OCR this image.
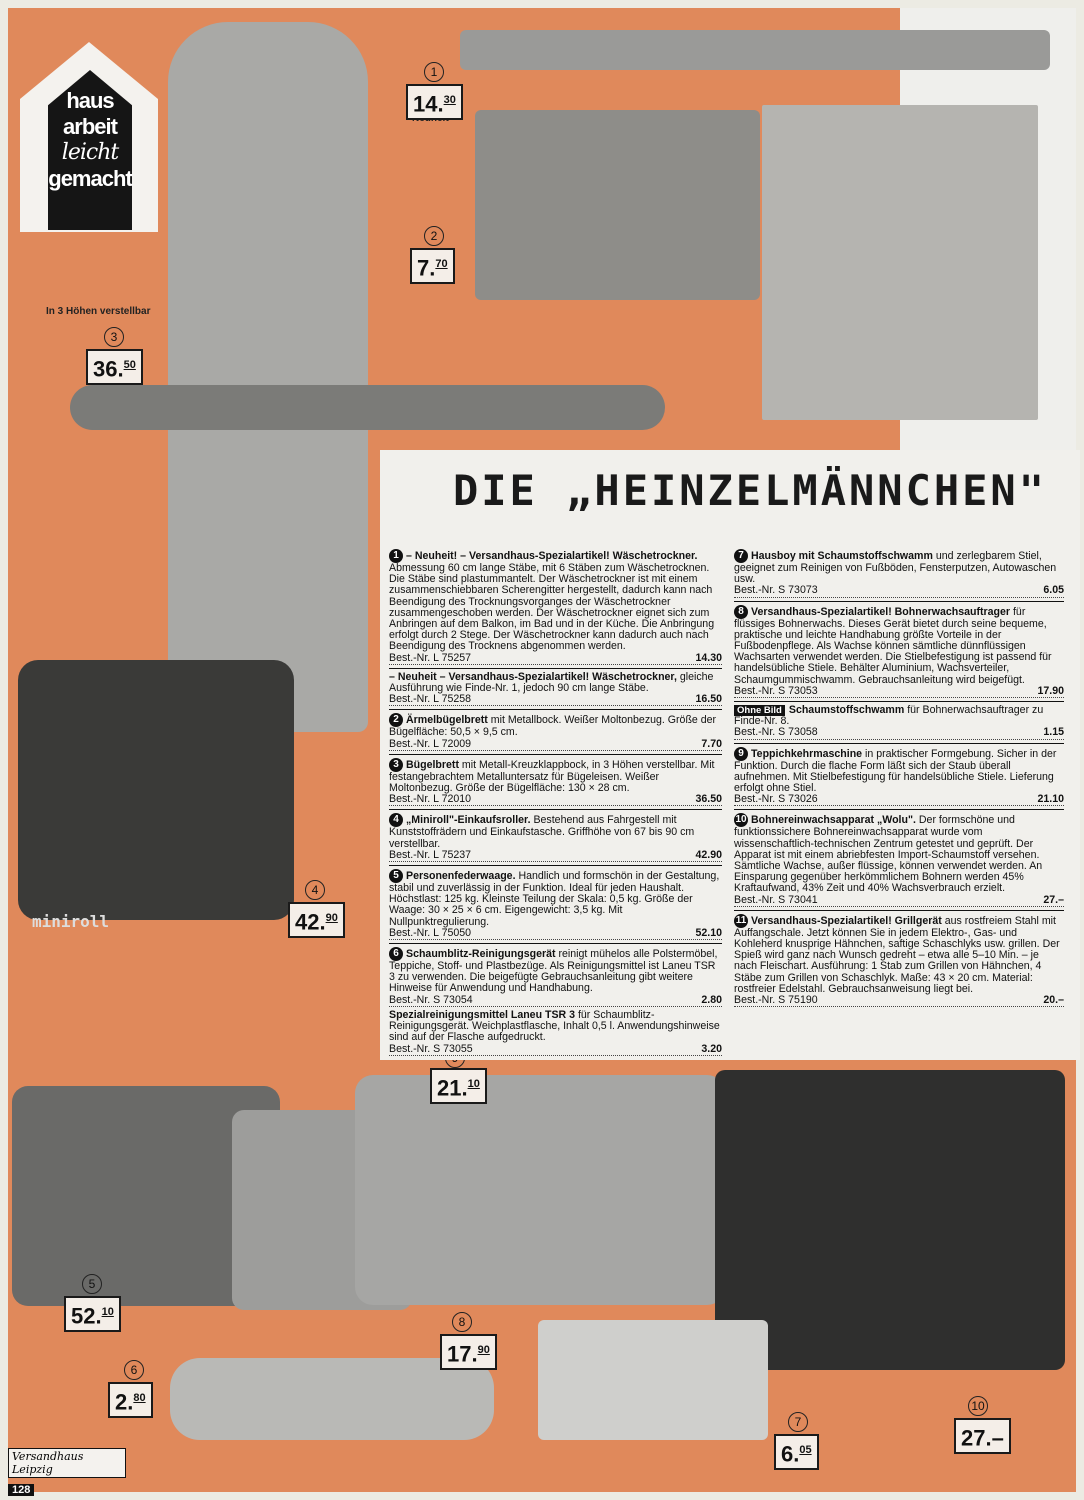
haus
arbeit
leicht
gemacht
In 3 Höhen verstellbar
miniroll
1
14.30
2
7.70
3
36.50
4
42.90
5
52.10
6
2.80
7
6.05
8
17.90
21.10
10
27.–
DIE „HEINZELMÄNNCHEN"
1 – Neuheit! – Versandhaus-Spezialartikel! Wäschetrockner. Abmessung 60 cm lange Stäbe, mit 6 Stäben zum Wäschetrocknen. Die Stäbe sind plastummantelt. Der Wäschetrockner ist mit einem zusammenschiebbaren Scherengitter hergestellt, dadurch kann nach Beendigung des Trocknungsvorganges der Wäschetrockner zusammengeschoben werden. Der Wäschetrockner eignet sich zum Anbringen auf dem Balkon, im Bad und in der Küche. Die Anbringung erfolgt durch 2 Stege. Der Wäschetrockner kann dadurch auch nach Beendigung des Trocknens abgenommen werden.
Best.-Nr. L 75257	14.30
– Neuheit – Versandhaus-Spezialartikel! Wäschetrockner, gleiche Ausführung wie Finde-Nr. 1, jedoch 90 cm lange Stäbe.
Best.-Nr. L 75258	16.50
2 Ärmelbügelbrett mit Metallbock. Weißer Moltonbezug. Größe der Bügelfläche: 50,5 × 9,5 cm.
Best.-Nr. L 72009	7.70
3 Bügelbrett mit Metall-Kreuzklappbock, in 3 Höhen verstellbar. Mit festangebrachtem Metalluntersatz für Bügeleisen. Weißer Moltonbezug. Größe der Bügelfläche: 130 × 28 cm.
Best.-Nr. L 72010	36.50
4 „Miniroll"-Einkaufsroller. Bestehend aus Fahrgestell mit Kunststoffrädern und Einkaufstasche. Griffhöhe von 67 bis 90 cm verstellbar.
Best.-Nr. L 75237	42.90
5 Personenfederwaage. Handlich und formschön in der Gestaltung, stabil und zuverlässig in der Funktion. Ideal für jeden Haushalt. Höchstlast: 125 kg. Kleinste Teilung der Skala: 0,5 kg. Größe der Waage: 30 × 25 × 6 cm. Eigengewicht: 3,5 kg. Mit Nullpunktregulierung.
Best.-Nr. L 75050	52.10
6 Schaumblitz-Reinigungsgerät reinigt mühelos alle Polstermöbel, Teppiche, Stoff- und Plastbezüge. Als Reinigungsmittel ist Laneu TSR 3 zu verwenden. Die beigefügte Gebrauchsanleitung gibt weitere Hinweise für Anwendung und Handhabung.
Best.-Nr. S 73054	2.80
Spezialreinigungsmittel Laneu TSR 3 für Schaumblitz-Reinigungsgerät. Weichplastflasche, Inhalt 0,5 l. Anwendungshinweise sind auf der Flasche aufgedruckt.
Best.-Nr. S 73055	3.20
7 Hausboy mit Schaumstoffschwamm und zerlegbarem Stiel, geeignet zum Reinigen von Fußböden, Fensterputzen, Autowaschen usw.
Best.-Nr. S 73073	6.05
8 Versandhaus-Spezialartikel! Bohnerwachsauftrager für flüssiges Bohnerwachs. Dieses Gerät bietet durch seine bequeme, praktische und leichte Handhabung größte Vorteile in der Fußbodenpflege. Als Wachse können sämtliche dünnflüssigen Wachsarten verwendet werden. Die Stielbefestigung ist passend für handelsübliche Stiele. Behälter Aluminium, Wachsverteiler, Schaumgummischwamm. Gebrauchsanleitung wird beigefügt.
Best.-Nr. S 73053	17.90
Ohne Bild Schaumstoffschwamm für Bohnerwachsauftrager zu Finde-Nr. 8.
Best.-Nr. S 73058	1.15
9 Teppichkehrmaschine in praktischer Formgebung. Sicher in der Funktion. Durch die flache Form läßt sich der Staub überall aufnehmen. Mit Stielbefestigung für handelsübliche Stiele. Lieferung erfolgt ohne Stiel.
Best.-Nr. S 73026	21.10
10 Bohnereinwachsapparat „Wolu". Der formschöne und funktionssichere Bohnereinwachsapparat wurde vom wissenschaftlich-technischen Zentrum getestet und geprüft. Der Apparat ist mit einem abriebfesten Import-Schaumstoff versehen. Sämtliche Wachse, außer flüssige, können verwendet werden. An Einsparung gegenüber herkömmlichem Bohnern werden 45% Kraftaufwand, 43% Zeit und 40% Wachsverbrauch erzielt.
Best.-Nr. S 73041	27.–
11 Versandhaus-Spezialartikel! Grillgerät aus rostfreiem Stahl mit Auffangschale. Jetzt können Sie in jedem Elektro-, Gas- und Kohleherd knusprige Hähnchen, saftige Schaschlyks usw. grillen. Der Spieß wird ganz nach Wunsch gedreht – etwa alle 5–10 Min. – je nach Fleischart. Ausführung: 1 Stab zum Grillen von Hähnchen, 4 Stäbe zum Grillen von Schaschlyk. Maße: 43 × 20 cm. Material: rostfreier Edelstahl. Gebrauchsanweisung liegt bei.
Best.-Nr. S 75190	20.–
Versandhaus Leipzig
128
